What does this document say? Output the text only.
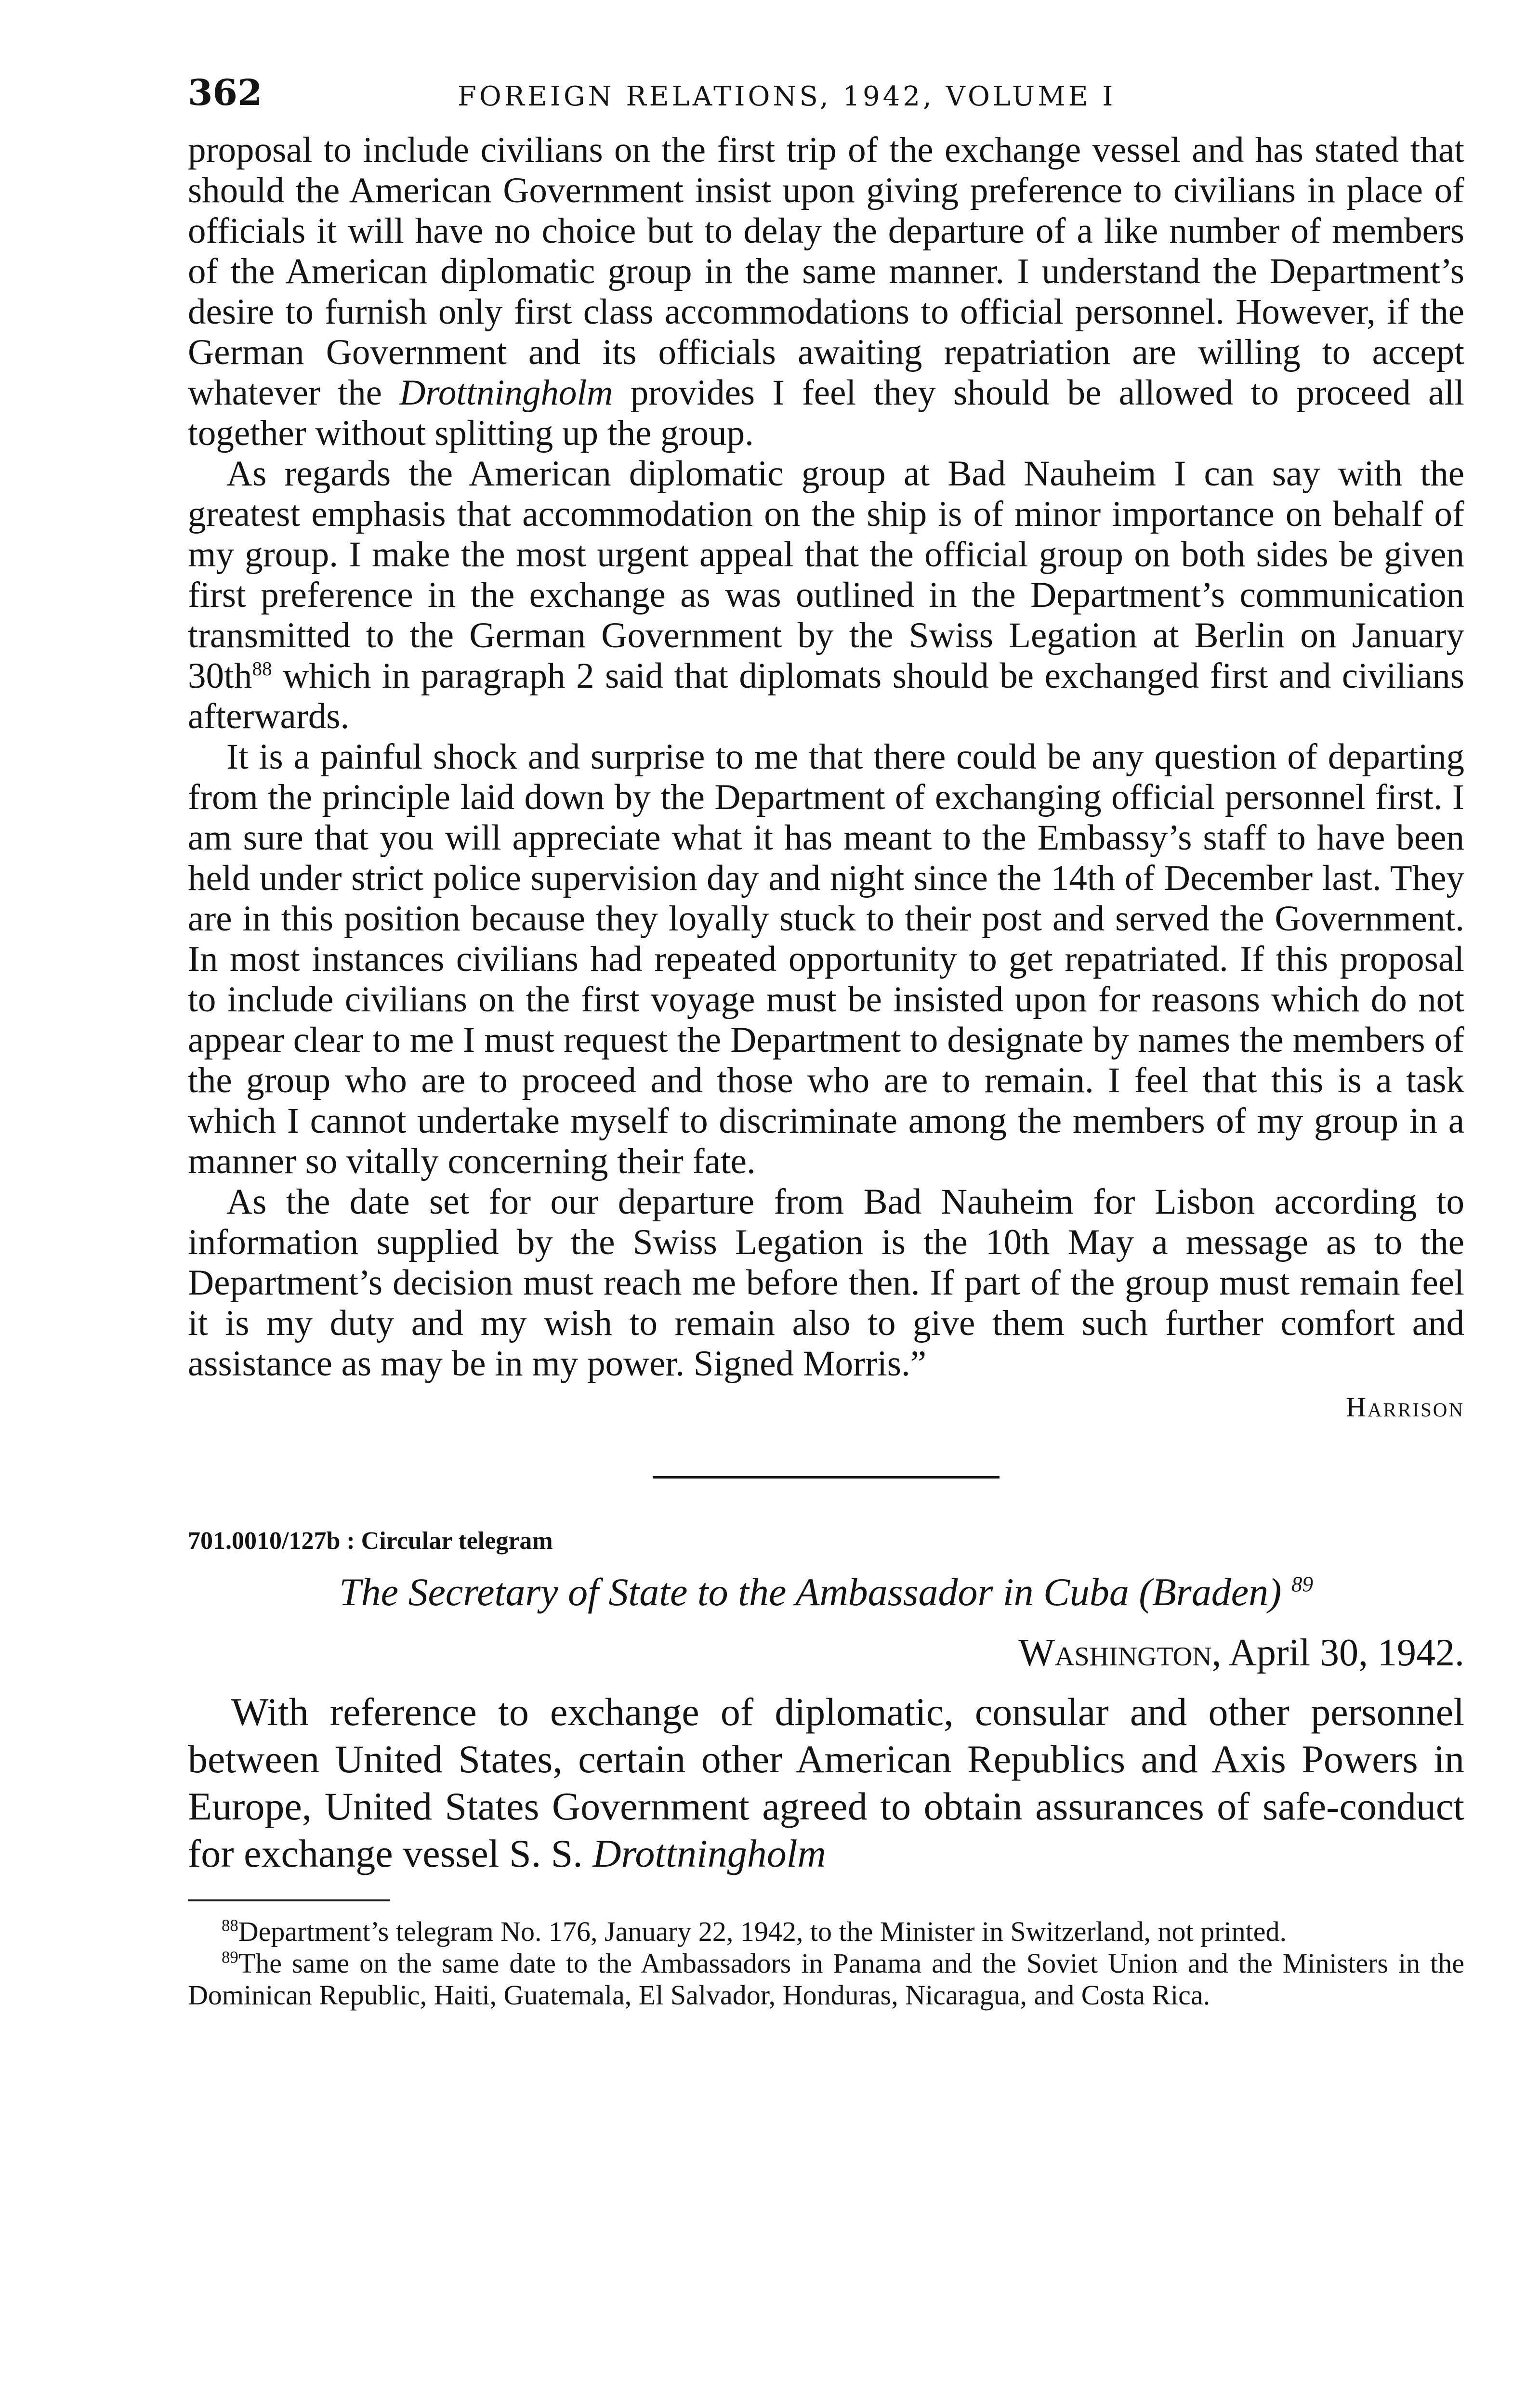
362	FOREIGN RELATIONS, 1942, VOLUME I

proposal to include civilians on the first trip of the exchange vessel and has stated that should the American Government insist upon giving preference to civilians in place of officials it will have no choice but to delay the departure of a like number of members of the American diplomatic group in the same manner. I understand the Department’s desire to furnish only first class accommodations to official personnel. However, if the German Government and its officials awaiting repatriation are willing to accept whatever the Drottningholm provides I feel they should be allowed to proceed all together without splitting up the group.

As regards the American diplomatic group at Bad Nauheim I can say with the greatest emphasis that accommodation on the ship is of minor importance on behalf of my group. I make the most urgent appeal that the official group on both sides be given first preference in the exchange as was outlined in the Department’s communication transmitted to the German Government by the Swiss Legation at Berlin on January $30th^{88}$ which in paragraph 2 said that diplomats should be exchanged first and civilians afterwards.

It is a painful shock and surprise to me that there could be any question of departing from the principle laid down by the Department of exchanging official personnel first. I am sure that you will appreciate what it has meant to the Embassy’s staff to have been held under strict police supervision day and night since the 14th of December last. They are in this position because they loyally stuck to their post and served the Government. In most instances civilians had repeated opportunity to get repatriated. If this proposal to include civilians on the first voyage must be insisted upon for reasons which do not appear clear to me I must request the Department to designate by names the members of the group who are to proceed and those who are to remain. I feel that this is a task which I cannot undertake myself to discriminate among the members of my group in a manner so vitally concerning their fate.

As the date set for our departure from Bad Nauheim for Lisbon according to information supplied by the Swiss Legation is the 10th May a message as to the Department’s decision must reach me before then. If part of the group must remain feel it is my duty and my wish to remain also to give them such further comfort and assistance as may be in my power. Signed Morris.”

Harrison

701.0010/127b : Circular telegram

The Secretary of State to the Ambassador in Cuba (Braden) $^{89}$

Washington, April 30, 1942.

With reference to exchange of diplomatic, consular and other personnel between United States, certain other American Republics and Axis Powers in Europe, United States Government agreed to obtain assurances of safe-conduct for exchange vessel S. S. Drottningholm

$^{88}$Department’s telegram No. 176, January 22, 1942, to the Minister in Switzerland, not printed.

$^{89}$The same on the same date to the Ambassadors in Panama and the Soviet Union and the Ministers in the Dominican Republic, Haiti, Guatemala, El Salvador, Honduras, Nicaragua, and Costa Rica.
